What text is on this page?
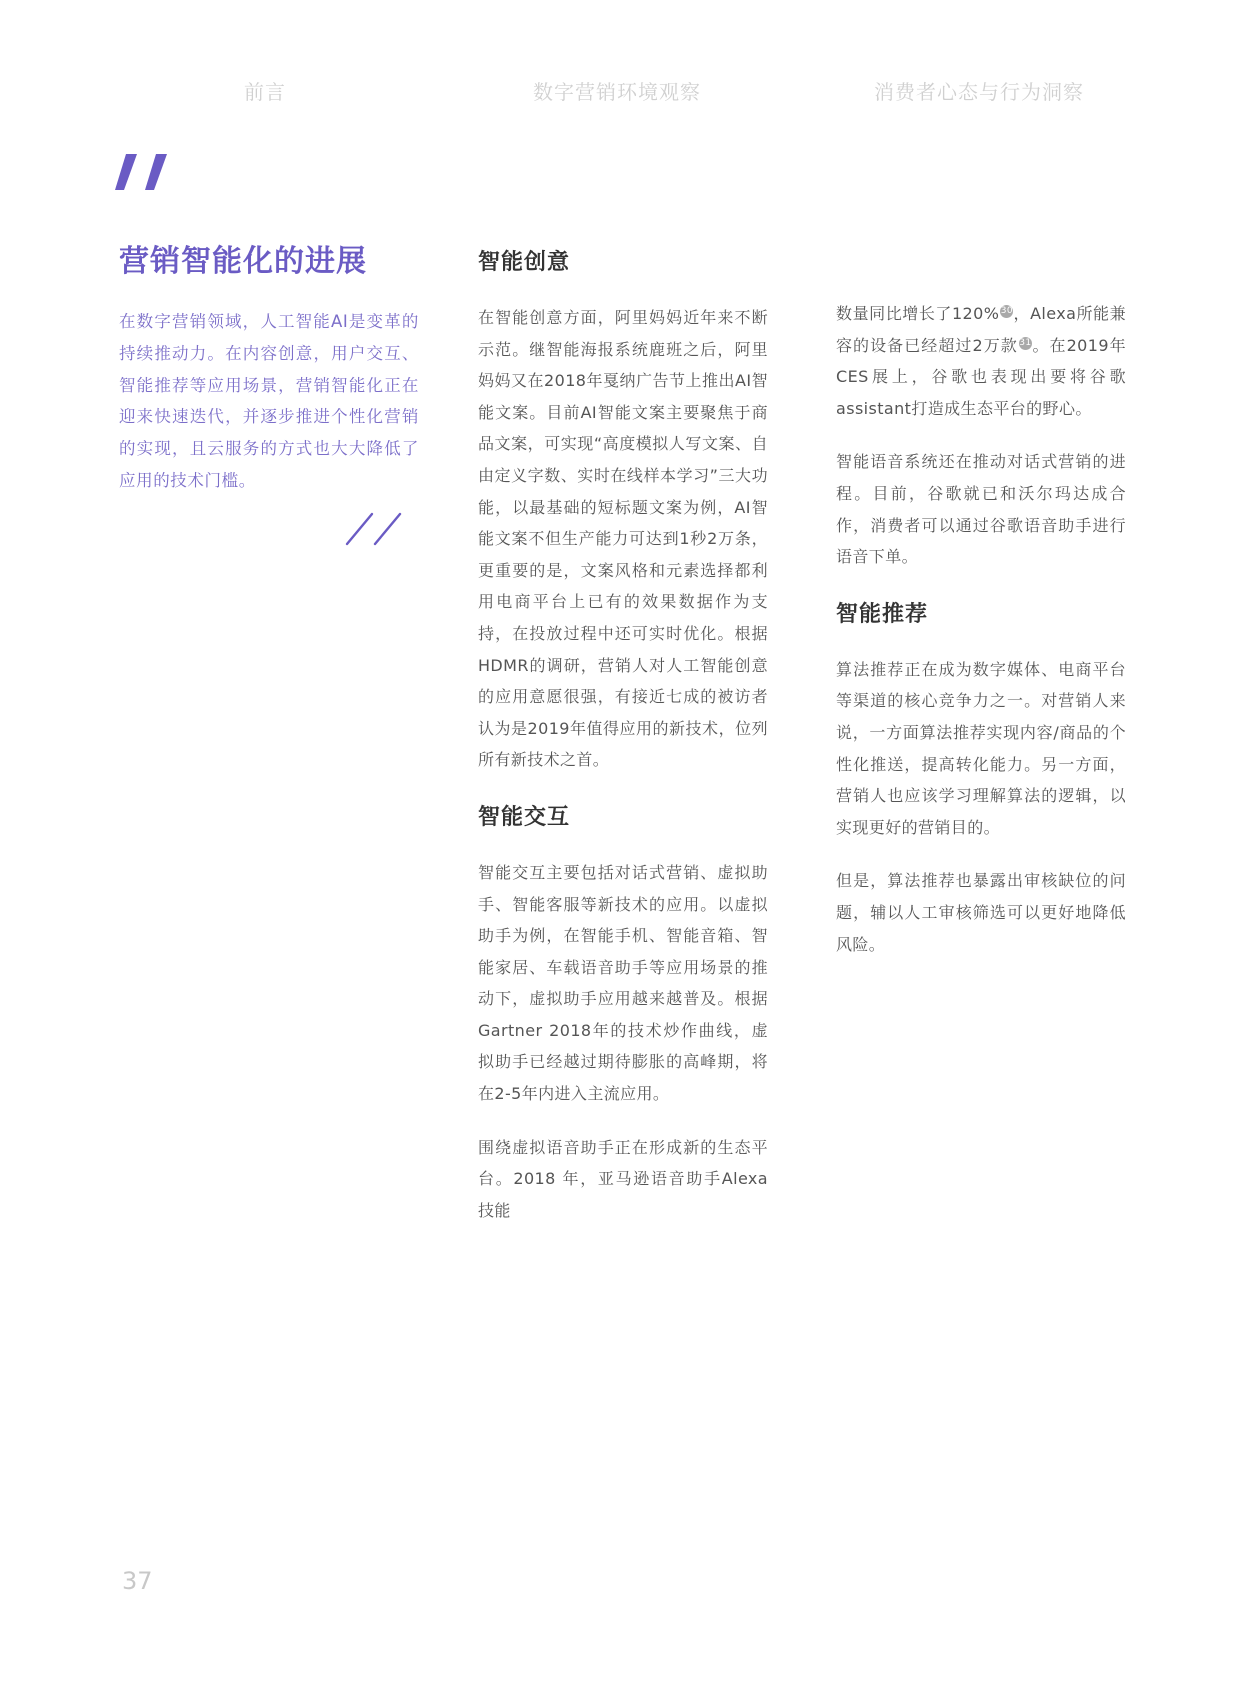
前言	数字营销环境观察	消费者心态与行为洞察
营销智能化的进展

在数字营销领域，人工智能AI是变革的持续推动力。在内容创意，用户交互、智能推荐等应用场景，营销智能化正在迎来快速迭代，并逐步推进个性化营销的实现，且云服务的方式也大大降低了应用的技术门槛。

智能创意

在智能创意方面，阿里妈妈近年来不断示范。继智能海报系统鹿班之后，阿里妈妈又在2018年戛纳广告节上推出AI智能文案。目前AI智能文案主要聚焦于商品文案，可实现“高度模拟人写文案、自由定义字数、实时在线样本学习”三大功能，以最基础的短标题文案为例，AI智能文案不但生产能力可达到1秒2万条，更重要的是，文案风格和元素选择都利用电商平台上已有的效果数据作为支持，在投放过程中还可实时优化。根据HDMR的调研，营销人对人工智能创意的应用意愿很强，有接近七成的被访者认为是2019年值得应用的新技术，位列所有新技术之首。

智能交互

智能交互主要包括对话式营销、虚拟助手、智能客服等新技术的应用。以虚拟助手为例，在智能手机、智能音箱、智能家居、车载语音助手等应用场景的推动下，虚拟助手应用越来越普及。根据 Gartner 2018年的技术炒作曲线，虚拟助手已经越过期待膨胀的高峰期，将在2-5年内进入主流应用。

围绕虚拟语音助手正在形成新的生态平台。2018 年，亚马逊语音助手Alexa 技能

数量同比增长了120%$^{30}$，Alexa所能兼容的设备已经超过2万款$^{31}$。在2019年CES展上，谷歌也表现出要将谷歌assistant打造成生态平台的野心。

智能语音系统还在推动对话式营销的进程。目前，谷歌就已和沃尔玛达成合作，消费者可以通过谷歌语音助手进行语音下单。

智能推荐

算法推荐正在成为数字媒体、电商平台等渠道的核心竞争力之一。对营销人来说，一方面算法推荐实现内容/商品的个性化推送，提高转化能力。另一方面，营销人也应该学习理解算法的逻辑，以实现更好的营销目的。

但是，算法推荐也暴露出审核缺位的问题，辅以人工审核筛选可以更好地降低风险。

37
